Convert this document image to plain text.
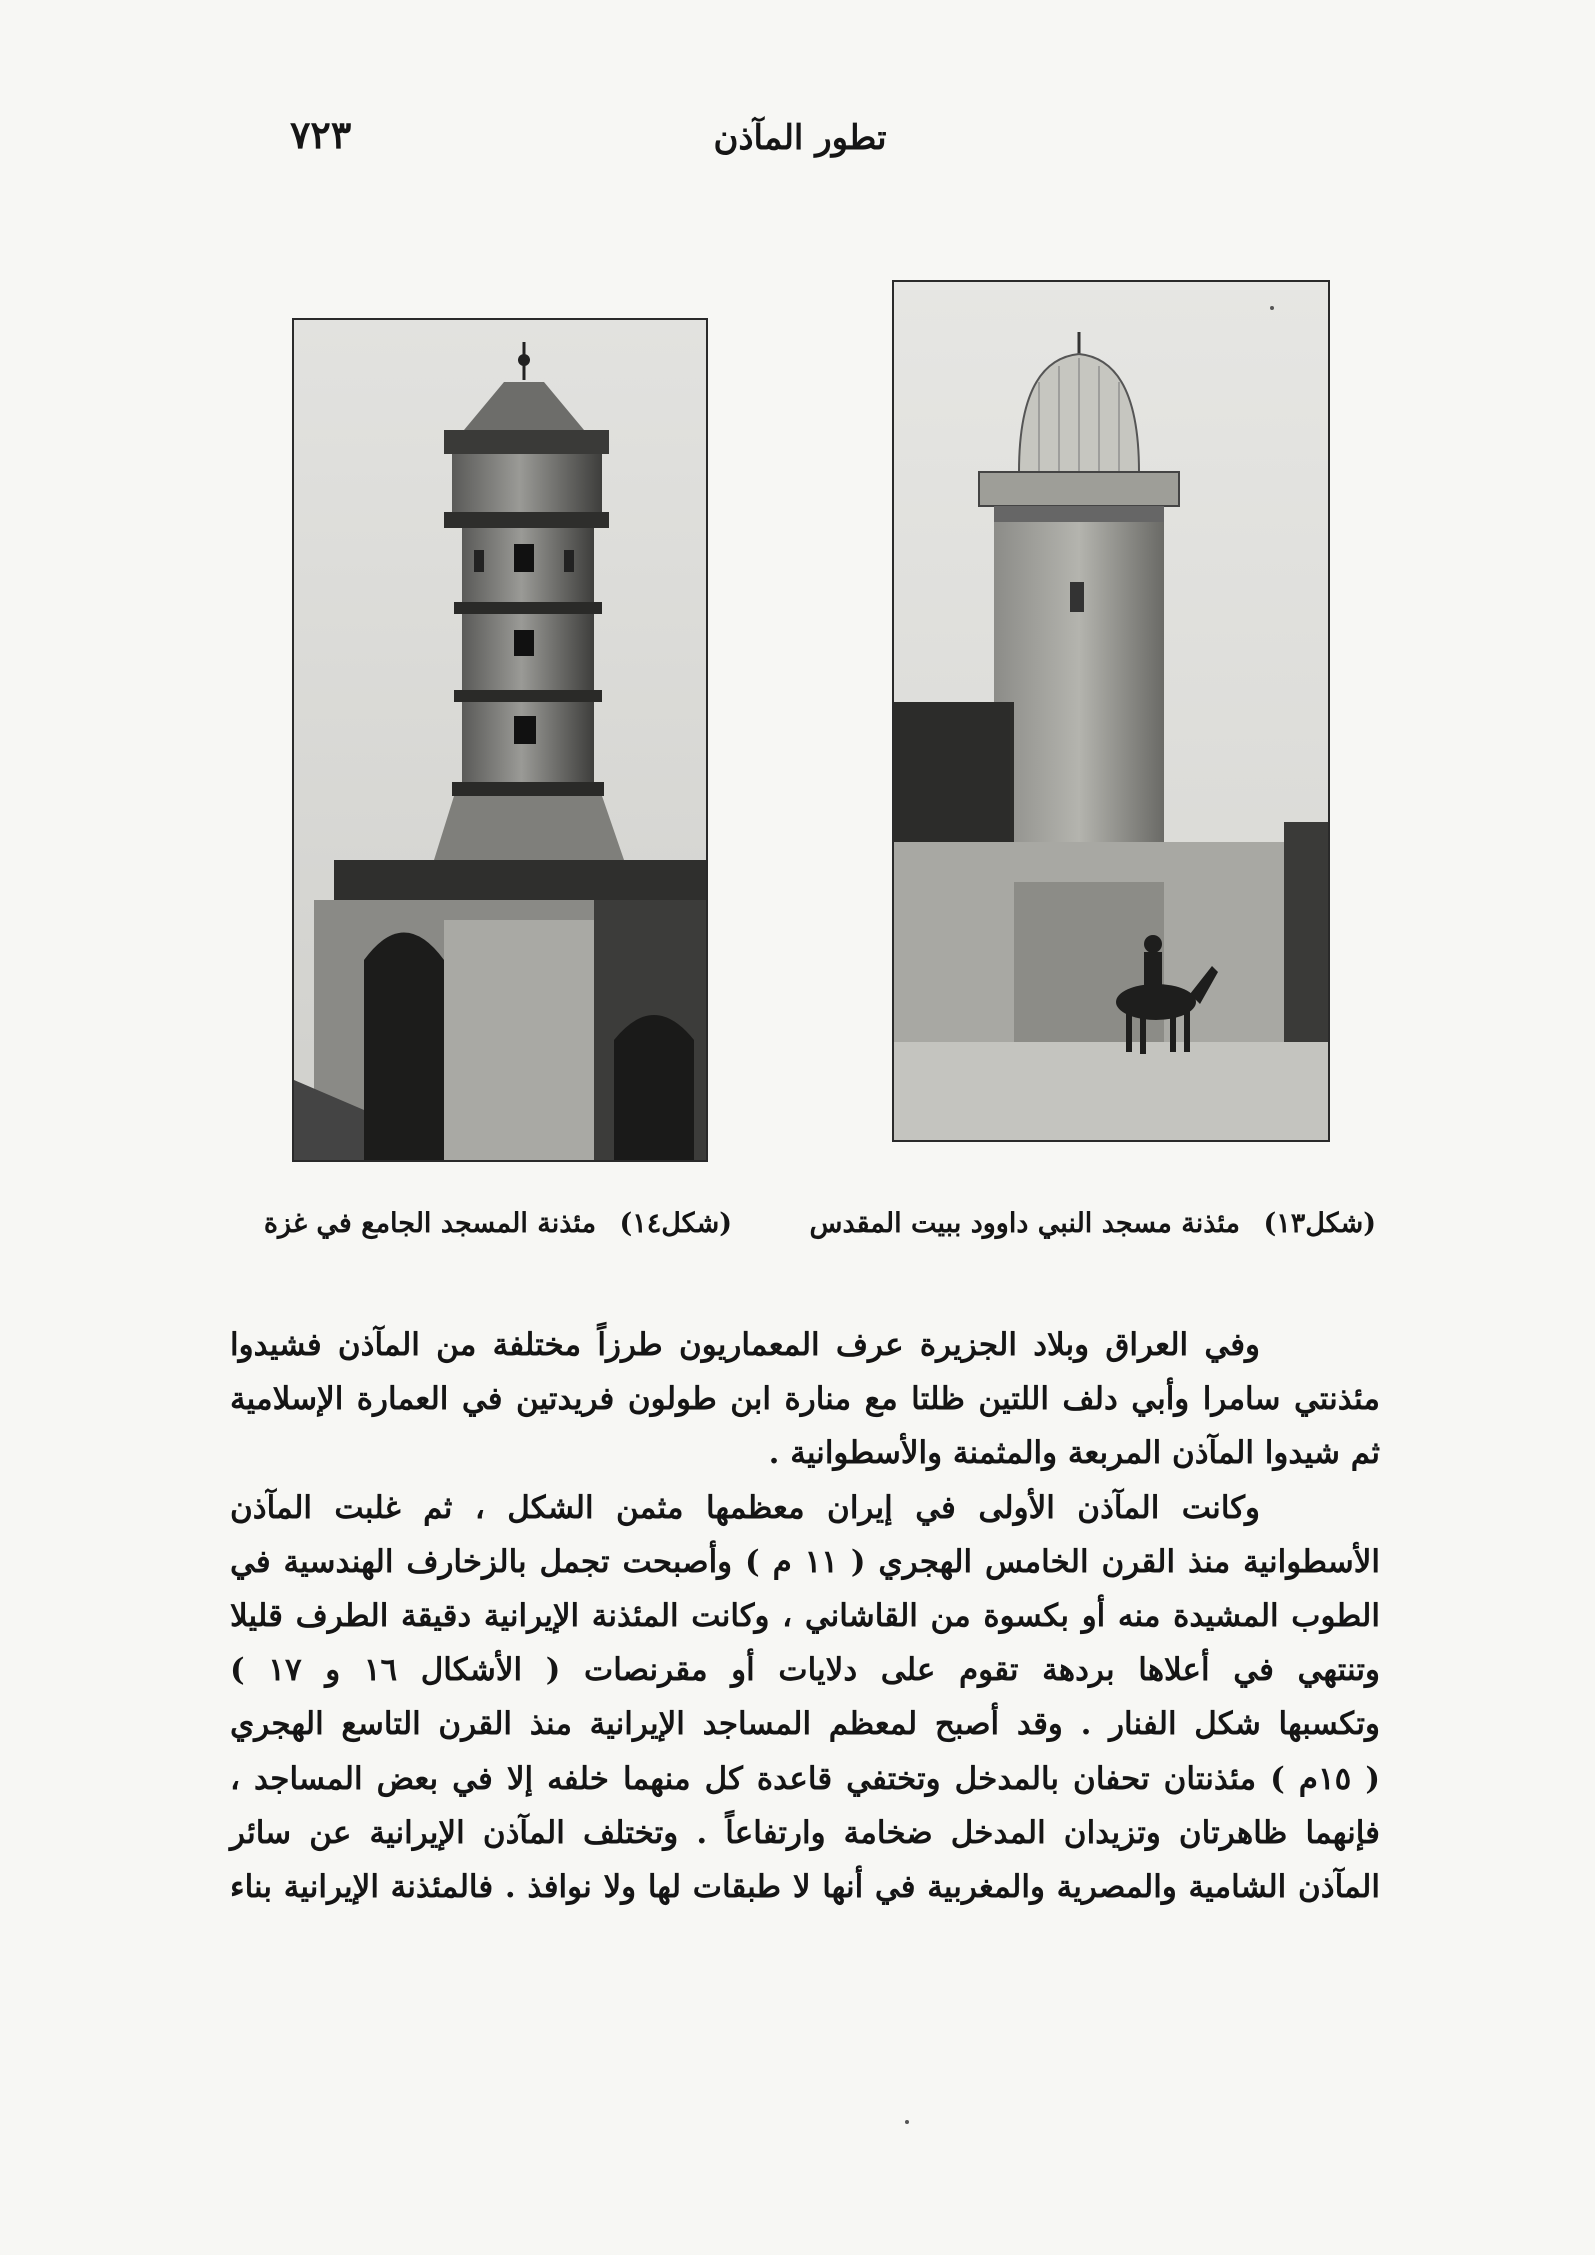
تطور المآذن
٧٢٣
(شكل١٣) مئذنة مسجد النبي داوود ببيت المقدس
(شكل١٤) مئذنة المسجد الجامع في غزة
وفي العراق وبلاد الجزيرة عرف المعماريون طرزاً مختلفة من المآذن فشيدوا
مئذنتي سامرا وأبي دلف اللتين ظلتا مع منارة ابن طولون فريدتين في العمارة الإسلامية
ثم شيدوا المآذن المربعة والمثمنة والأسطوانية .
وكانت المآذن الأولى في إيران معظمها مثمن الشكل ، ثم غلبت المآذن
الأسطوانية منذ القرن الخامس الهجري ( ١١ م ) وأصبحت تجمل بالزخارف الهندسية في
الطوب المشيدة منه أو بكسوة من القاشاني ، وكانت المئذنة الإيرانية دقيقة الطرف قليلا
وتنتهي في أعلاها بردهة تقوم على دلايات أو مقرنصات ( الأشكال ١٦ و ١٧ )
وتكسبها شكل الفنار . وقد أصبح لمعظم المساجد الإيرانية منذ القرن التاسع الهجري
( ١٥م ) مئذنتان تحفان بالمدخل وتختفي قاعدة كل منهما خلفه إلا في بعض المساجد ،
فإنهما ظاهرتان وتزيدان المدخل ضخامة وارتفاعاً . وتختلف المآذن الإيرانية عن سائر
المآذن الشامية والمصرية والمغربية في أنها لا طبقات لها ولا نوافذ . فالمئذنة الإيرانية بناء
